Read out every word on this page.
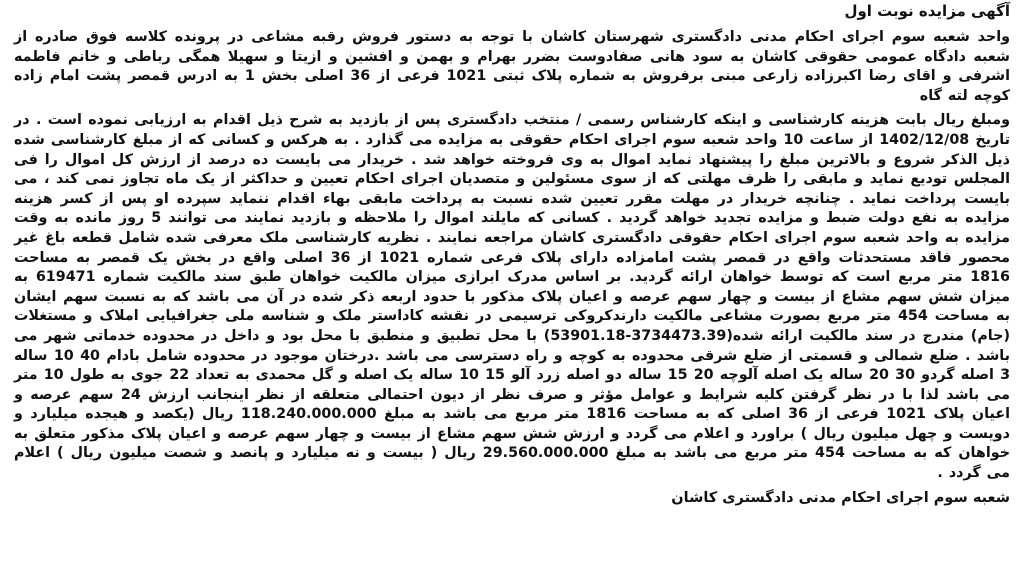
آگهی مزایده نوبت اول

واحد شعبه سوم اجرای احکام مدنی دادگستری شهرستان کاشان با توجه به دستور فروش رقبه مشاعی در پرونده کلاسه فوق صادره از شعبه دادگاه عمومی حقوقی کاشان به سود هانی صفادوست بضرر بهرام و بهمن و افشین و ازیتا و سهیلا همگی رباطی و خانم فاطمه اشرفی و اقای رضا اکبرزاده زارعی مبنی برفروش به شماره پلاک ثبتی 1021 فرعی از 36 اصلی بخش 1 به ادرس قمصر پشت امام زاده کوچه لته گاه

ومبلغ ریال بابت هزینه کارشناسی و اینکه کارشناس رسمی / منتخب دادگستری پس از بازدید به شرح ذیل اقدام به ارزیابی نموده است . در تاریخ 1402/12/08 از ساعت 10 واحد شعبه سوم اجرای احکام حقوقی به مزایده می گذارد . به هرکس و کسانی که از مبلغ کارشناسی شده ذیل الذکر شروع و بالاترین مبلغ را پیشنهاد نماید اموال به وی فروخته خواهد شد . خریدار می بایست ده درصد از ارزش کل اموال را فی المجلس تودیع نماید و مابقی را ظرف مهلتی که از سوی مسئولین و متصدیان اجرای احکام تعیین و حداکثر از یک ماه تجاوز نمی کند ، می بایست پرداخت نماید . چنانچه خریدار در مهلت مقرر تعیین شده نسبت به پرداخت مابقی بهاء اقدام ننماید سپرده او پس از کسر هزینه مزایده به نفع دولت ضبط و مزایده تجدید خواهد گردید . کسانی که مایلند اموال را ملاحظه و بازدید نمایند می توانند 5 روز مانده به وقت مزایده به واحد شعبه سوم اجرای احکام حقوقی دادگستری کاشان مراجعه نمایند . نظریه کارشناسی ملک معرفی شده شامل قطعه باغ غیر محصور فاقد مستحدثات واقع در قمصر پشت امامزاده دارای پلاک فرعی شماره 1021 از 36 اصلی واقع در بخش یک قمصر به مساحت 1816 متر مربع است که توسط خواهان ارائه گردید. بر اساس مدرک ابرازی میزان مالکیت خواهان طبق سند مالکیت شماره 619471 به میزان شش سهم مشاع از بیست و چهار سهم عرصه و اعیان پلاک مذکور با حدود اربعه ذکر شده در آن می باشد که به نسبت سهم ایشان به مساحت 454 متر مربع بصورت مشاعی مالکیت دارندکروکی ترسیمی در نقشه کاداستر ملک و شناسه ملی جغرافیایی املاک و مستغلات (جام) مندرج در سند مالکیت ارائه شده(3734473.39-53901.18) با محل تطبیق و منطبق با محل بود و داخل در محدوده خدماتی شهر می باشد . ضلع شمالی و قسمتی از ضلع شرقی محدوده به کوچه و راه دسترسی می باشد .درختان موجود در محدوده شامل بادام 40 10 ساله 3 اصله گردو 30 20 ساله یک اصله آلوچه 20 15 ساله دو اصله زرد آلو 15 10 ساله یک اصله و گل محمدی به تعداد 22 جوی به طول 10 متر می باشد لذا با در نظر گرفتن کلیه شرایط و عوامل مؤثر و صرف نظر از دیون احتمالی متعلقه از نظر اینجانب ارزش 24 سهم عرصه و اعیان پلاک 1021 فرعی از 36 اصلی که به مساحت 1816 متر مربع می باشد به مبلغ 118.240.000.000 ریال (یکصد و هیجده میلیارد و دویست و چهل میلیون ریال ) براورد و اعلام می گردد و ارزش شش سهم مشاع از بیست و چهار سهم عرصه و اعیان پلاک مذکور متعلق به خواهان که به مساحت 454 متر مربع می باشد به مبلغ 29.560.000.000 ریال ( بیست و نه میلیارد و پانصد و شصت میلیون ریال ) اعلام می گردد .

شعبه سوم اجرای احکام مدنی دادگستری کاشان
